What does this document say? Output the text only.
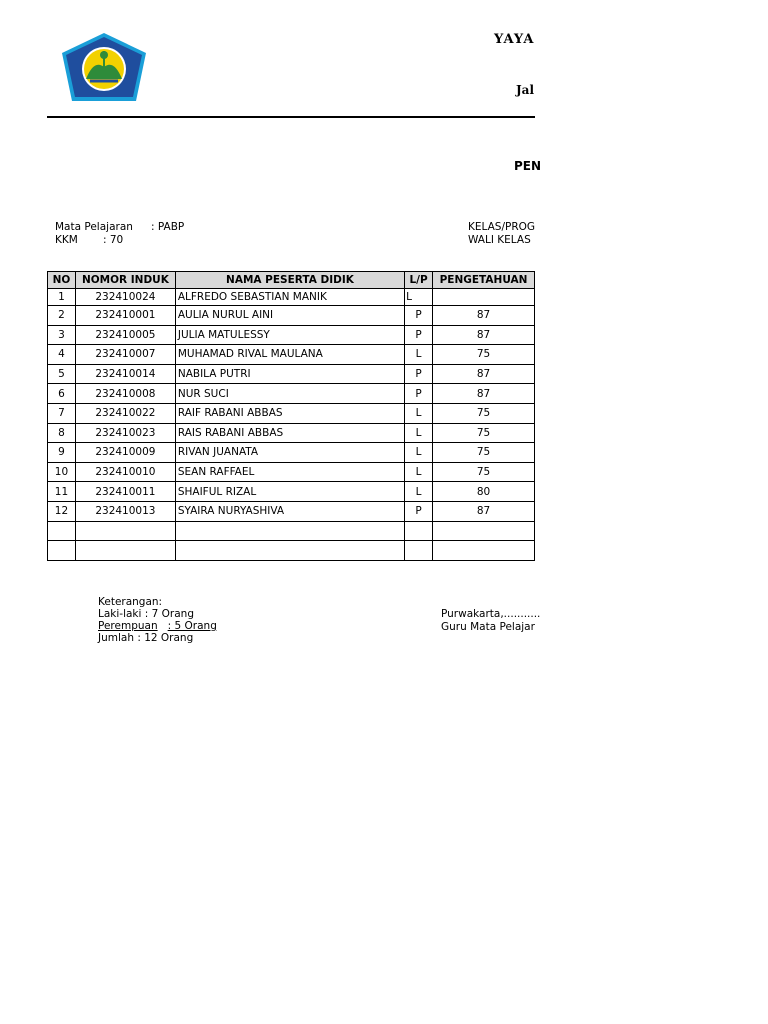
YAYA
Jal
PEN
Mata Pelajaran : PABP
KKM : 70
KELAS/PROG
WALI KELAS
NO	NOMOR INDUK	NAMA PESERTA DIDIK	L/P	PENGETAHUAN
1	232410024	ALFREDO SEBASTIAN MANIK	L	
2	232410001	AULIA NURUL AINI	P	87
3	232410005	JULIA MATULESSY	P	87
4	232410007	MUHAMAD RIVAL MAULANA	L	75
5	232410014	NABILA PUTRI	P	87
6	232410008	NUR SUCI	P	87
7	232410022	RAIF RABANI ABBAS	L	75
8	232410023	RAIS RABANI ABBAS	L	75
9	232410009	RIVAN JUANATA	L	75
10	232410010	SEAN RAFFAEL	L	75
11	232410011	SHAIFUL RIZAL	L	80
12	232410013	SYAIRA NURYASHIVA	P	87

Keterangan:
Laki-laki : 7 Orang
Perempuan : 5 Orang
Jumlah : 12 Orang
Purwakarta,...........
Guru Mata Pelajar
